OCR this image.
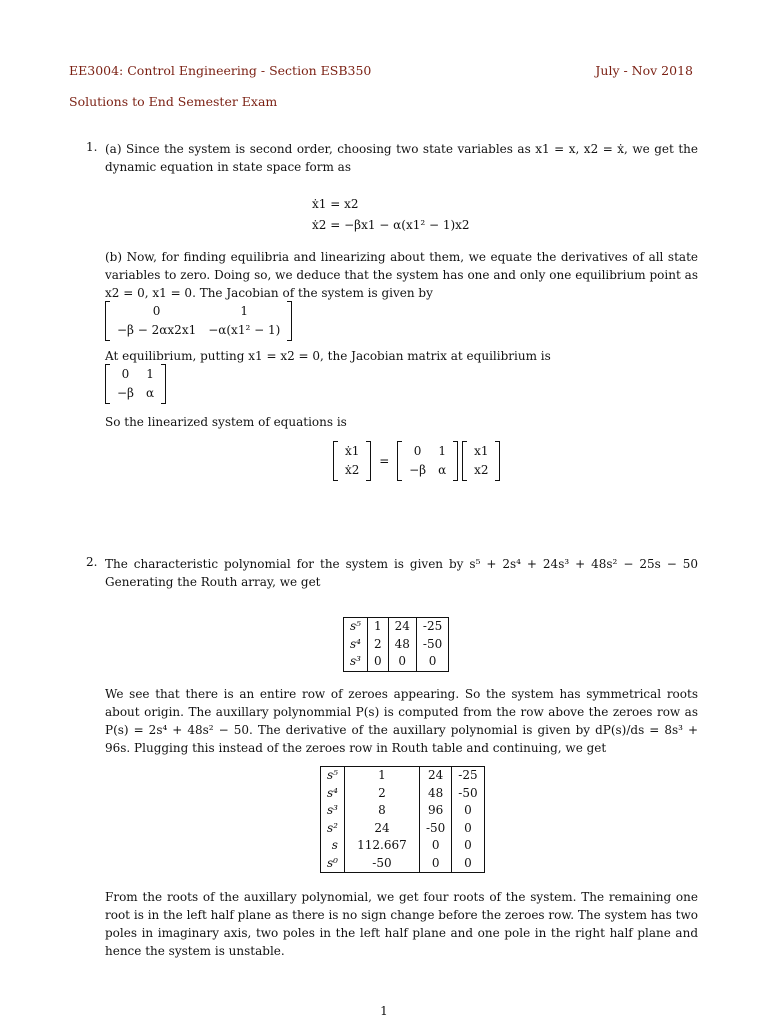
EE3004: Control Engineering - Section ESB350	July - Nov 2018
Solutions to End Semester Exam
1. (a) Since the system is second order, choosing two state variables as x1 = x, x2 = ẋ, we get the dynamic equation in state space form as
ẋ1 = x2
ẋ2 = −βx1 − α(x1² − 1)x2
(b) Now, for finding equilibria and linearizing about them, we equate the derivatives of all state variables to zero. Doing so, we deduce that the system has one and only one equilibrium point as x2 = 0, x1 = 0. The Jacobian of the system is given by
0	1
−β − 2αx2x1	−α(x1² − 1)
At equilibrium, putting x1 = x2 = 0, the Jacobian matrix at equilibrium is
0	1
−β	α
So the linearized system of equations is
ẋ1
ẋ2
=
0	1
−β	α

x1
x2
2. The characteristic polynomial for the system is given by s⁵ + 2s⁴ + 24s³ + 48s² − 25s − 50 Generating the Routh array, we get
s⁵	1	24	-25
s⁴	2	48	-50
s³	0	0	0
We see that there is an entire row of zeroes appearing. So the system has symmetrical roots about origin. The auxillary polynommial P(s) is computed from the row above the zeroes row as P(s) = 2s⁴ + 48s² − 50. The derivative of the auxillary polynomial is given by dP(s)/ds = 8s³ + 96s. Plugging this instead of the zeroes row in Routh table and continuing, we get
s⁵	1	24	-25
s⁴	2	48	-50
s³	8	96	0
s²	24	-50	0
s	112.667	0	0
s⁰	-50	0	0
From the roots of the auxillary polynomial, we get four roots of the system. The remaining one root is in the left half plane as there is no sign change before the zeroes row. The system has two poles in imaginary axis, two poles in the left half plane and one pole in the right half plane and hence the system is unstable.
1
